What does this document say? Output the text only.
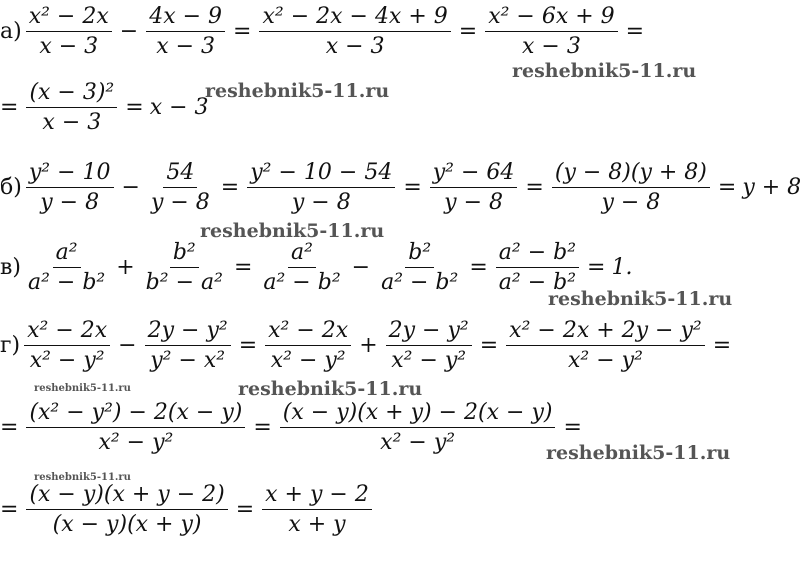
$а) \frac{\text{x² − 2x}}{x - 3} - \frac{4x - 9}{x - 3} = \frac{\text{x² − 2x − 4x + 9}}{x - 3} = \frac{\text{x² − 6x + 9}}{x - 3}$ =
= $\frac{\text{(x − 3)²}}{x - 3} = x - 3$
$б) \frac{\text{y² − 10}}{y - 8} - \frac{54}{y - 8} = \frac{\text{y² − 10 − 54}}{y - 8} = \frac{\text{y² − 64}}{y - 8} = \frac{(y - 8)(y + 8)}{y - 8} = y + 8$
$в) \frac{\text{a²}}{\text{a² − b²}} + \frac{\text{b²}}{\text{b² − a²}} = \frac{\text{a²}}{\text{a² − b²}} - \frac{\text{b²}}{\text{a² − b²}} = \frac{\text{a² − b²}}{\text{a² − b²}} = 1$.
$г) \frac{\text{x² − 2x}}{\text{x² − y²}} - \frac{\text{2y − y²}}{\text{y² − x²}} = \frac{\text{x² − 2x}}{\text{x² − y²}} + \frac{\text{2y − y²}}{\text{x² − y²}} = \frac{\text{x² − 2x + 2y − y²}}{\text{x² − y²}}$ =
= $\frac{\text{(x² − y²) − 2(x − y)}}{\text{x² − y²}} = \frac{(x - y)(x + y) - 2(x - y)}{\text{x² − y²}}$ =
= $\frac{(x - y)(x + y - 2)}{(x - y)(x + y)} = \frac{x + y - 2}{x + y}$
reshebnik5-11.ru
reshebnik5-11.ru
reshebnik5-11.ru
reshebnik5-11.ru
reshebnik5-11.ru
reshebnik5-11.ru
reshebnik5-11.ru
reshebnik5-11.ru
